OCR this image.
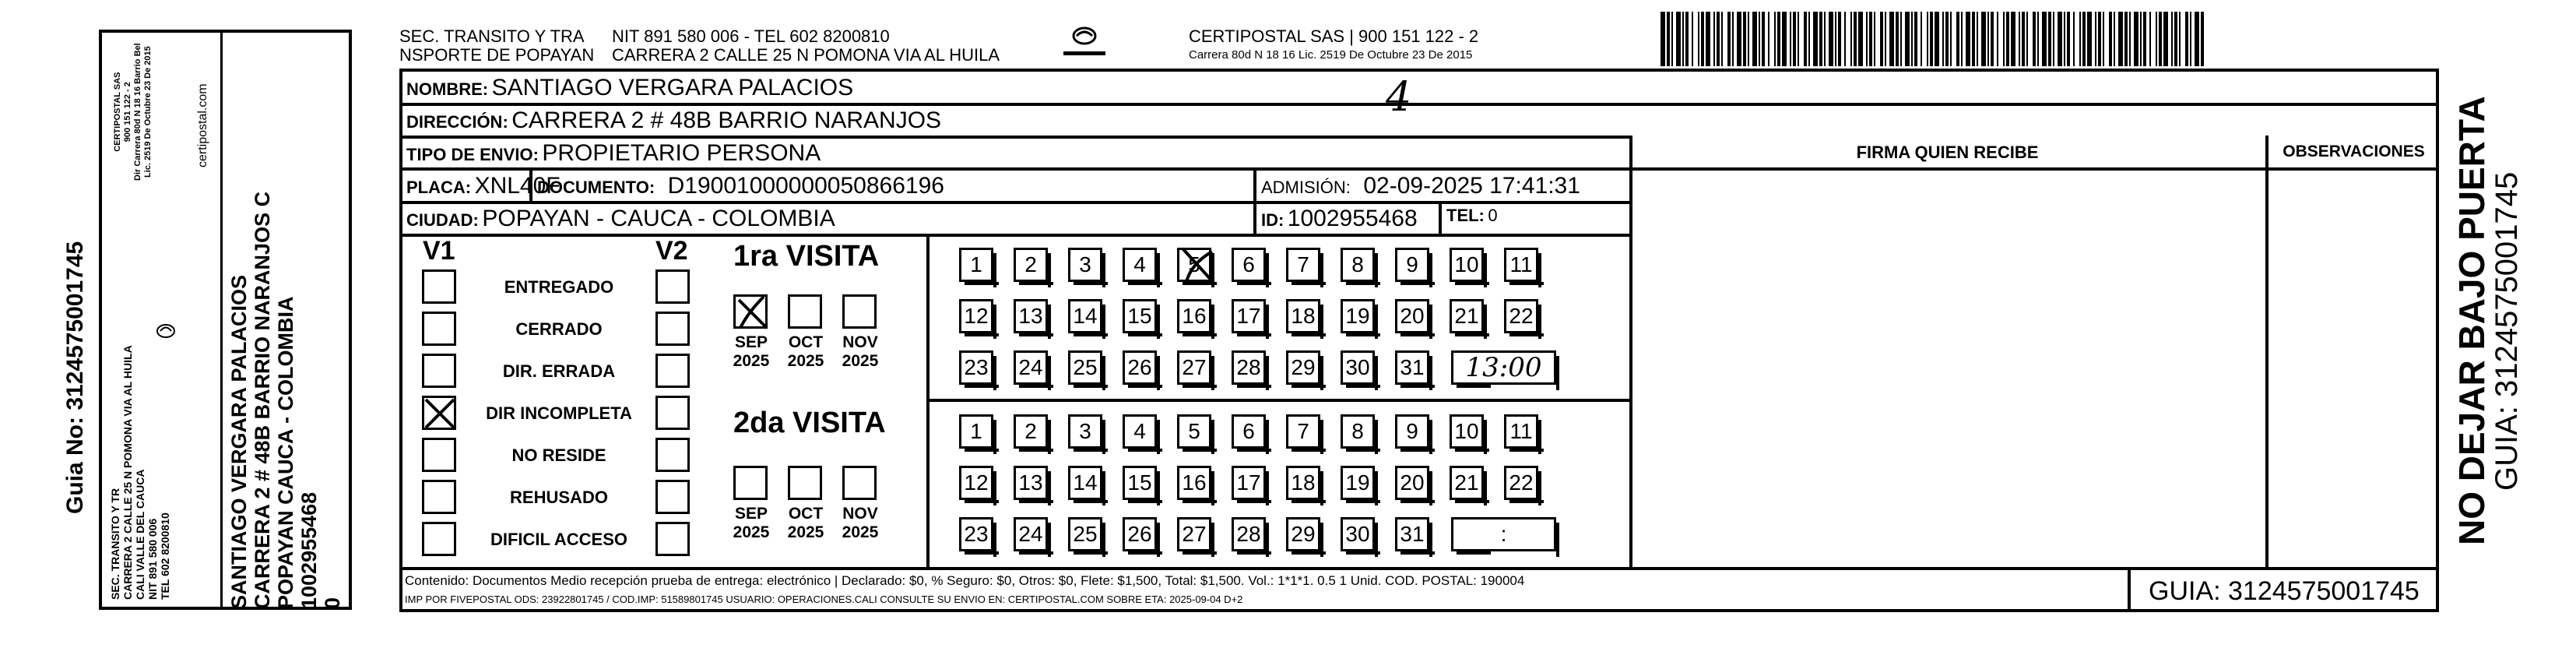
Guia No: 3124575001745
SEC. TRANSITO Y TR CARRERA 2 CALLE 25 N POMONA VIA AL HUILA CALI VALLE DEL CAUCA NIT 891 580 006 TEL 602 8200810
CERTIPOSTAL SAS 900 151 122 - 2 Dir Carrera 80d N 18 16 Barrio Bel Lic. 2519 De Octubre 23 De 2015	certipostal.com
SANTIAGO VERGARA PALACIOS CARRERA 2 # 48B BARRIO NARANJOS C POPAYAN CAUCA - COLOMBIA 1002955468 0
SEC. TRANSITO Y TRA
NSPORTE DE POPAYAN
NIT 891 580 006 - TEL 602 8200810
CARRERA 2 CALLE 25 N POMONA VIA AL HUILA
CERTIPOSTAL SAS | 900 151 122 - 2
Carrera 80d N 18 16 Lic. 2519 De Octubre 23 De 2015
NOMBRE: SANTIAGO VERGARA PALACIOS
DIRECCIÓN: CARRERA 2 # 48B BARRIO NARANJOS	4
TIPO DE ENVIO: PROPIETARIO PERSONA	FIRMA QUIEN RECIBE	OBSERVACIONES
PLACA: XNL40F
DOCUMENTO: D19001000000050866196	ADMISIÓN: 02-09-2025 17:41:31
CIUDAD: POPAYAN - CAUCA - COLOMBIA	ID: 1002955468 TEL: 0
V1	V2
ENTREGADO
CERRADO
DIR. ERRADA
DIR INCOMPLETA
NO RESIDE
REHUSADO
DIFICIL ACCESO
1ra VISITA
2da VISITA
SEP
2025
OCT
2025
NOV
2025
SEP
2025
OCT
2025
NOV
2025
1 2 3 4 5 6 7 8 9 10 11
12 13 14 15 16 17 18 19 20 21 22
23 24 25 26 27 28 29 30 31 13:00
1 2 3 4 5 6 7 8 9 10 11
12 13 14 15 16 17 18 19 20 21 22
23 24 25 26 27 28 29 30 31	:
Contenido: Documentos Medio recepción prueba de entrega: electrónico | Declarado: $0, % Seguro: $0, Otros: $0, Flete: $1,500, Total: $1,500. Vol.: 1*1*1. 0.5 1 Unid. COD. POSTAL: 190004
IMP POR FIVEPOSTAL ODS: 23922801745 / COD.IMP: 51589801745 USUARIO: OPERACIONES.CALI CONSULTE SU ENVIO EN: CERTIPOSTAL.COM SOBRE ETA: 2025-09-04 D+2	GUIA: 3124575001745
NO DEJAR BAJO PUERTA
GUIA: 3124575001745
